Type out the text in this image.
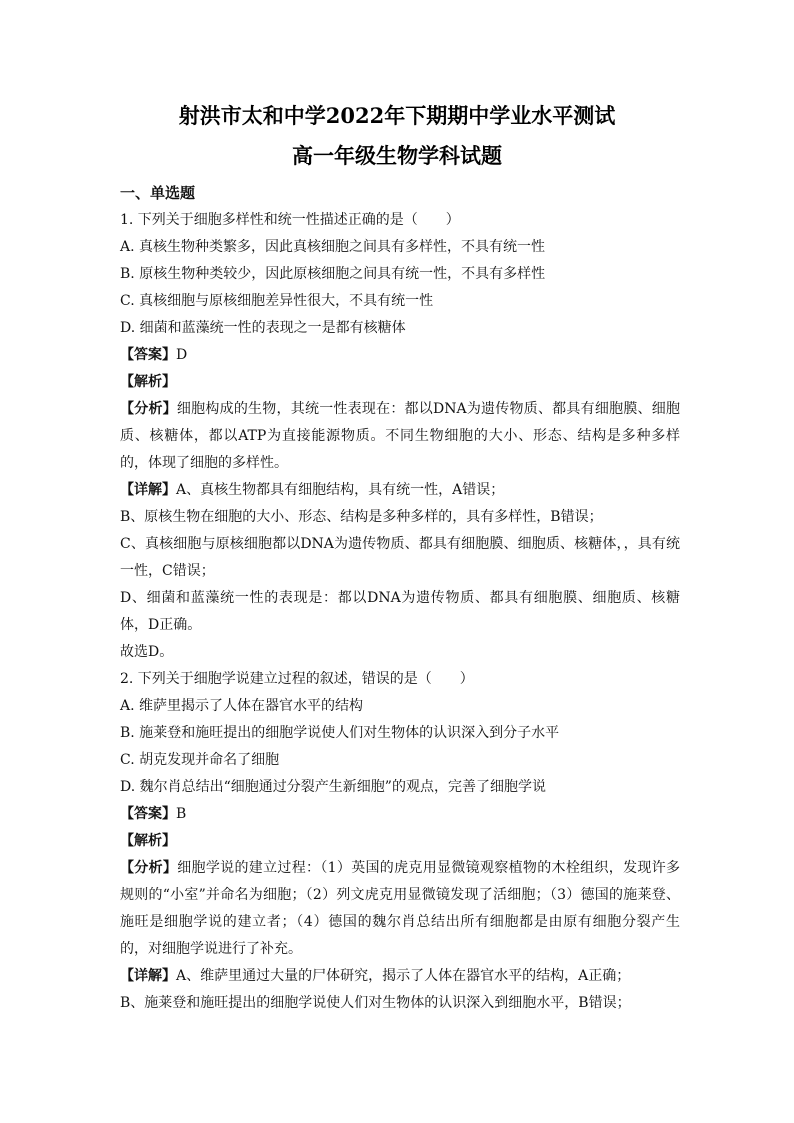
射洪市太和中学2022年下期期中学业水平测试
高一年级生物学科试题
一、单选题
1. 下列关于细胞多样性和统一性描述正确的是（　　）
A. 真核生物种类繁多，因此真核细胞之间具有多样性，不具有统一性
B. 原核生物种类较少，因此原核细胞之间具有统一性，不具有多样性
C. 真核细胞与原核细胞差异性很大，不具有统一性
D. 细菌和蓝藻统一性的表现之一是都有核糖体
【答案】D
【解析】
【分析】细胞构成的生物，其统一性表现在：都以DNA为遗传物质、都具有细胞膜、细胞质、核糖体，都以ATP为直接能源物质。不同生物细胞的大小、形态、结构是多种多样的，体现了细胞的多样性。
【详解】A、真核生物都具有细胞结构，具有统一性，A错误；
B、原核生物在细胞的大小、形态、结构是多种多样的，具有多样性，B错误；
C、真核细胞与原核细胞都以DNA为遗传物质、都具有细胞膜、细胞质、核糖体，，具有统一性，C错误；
D、细菌和蓝藻统一性的表现是：都以DNA为遗传物质、都具有细胞膜、细胞质、核糖体，D正确。
故选D。
2. 下列关于细胞学说建立过程的叙述，错误的是（　　）
A. 维萨里揭示了人体在器官水平的结构
B. 施莱登和施旺提出的细胞学说使人们对生物体的认识深入到分子水平
C. 胡克发现并命名了细胞
D. 魏尔肖总结出“细胞通过分裂产生新细胞”的观点，完善了细胞学说
【答案】B
【解析】
【分析】细胞学说的建立过程：（1）英国的虎克用显微镜观察植物的木栓组织，发现许多规则的“小室”并命名为细胞；（2）列文虎克用显微镜发现了活细胞；（3）德国的施莱登、施旺是细胞学说的建立者；（4）德国的魏尔肖总结出所有细胞都是由原有细胞分裂产生的，对细胞学说进行了补充。
【详解】A、维萨里通过大量的尸体研究，揭示了人体在器官水平的结构，A正确；
B、施莱登和施旺提出的细胞学说使人们对生物体的认识深入到细胞水平，B错误；
